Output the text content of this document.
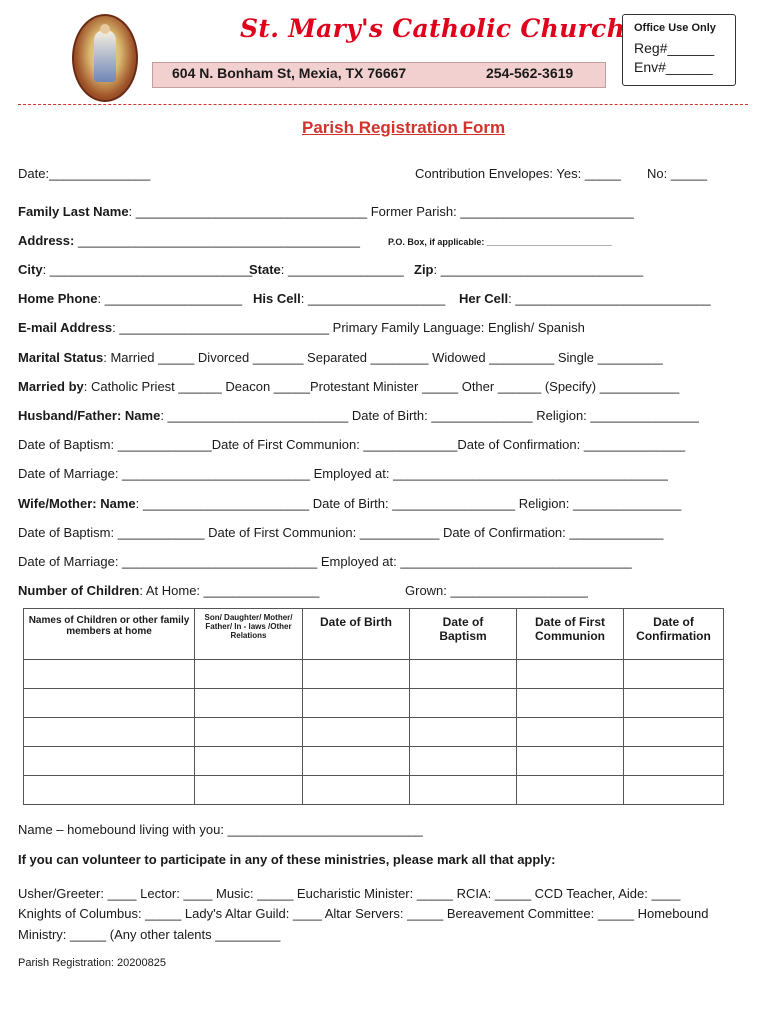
St. Mary's Catholic Church
604 N. Bonham St, Mexia, TX 76667	254-562-3619
Office Use Only
Reg#______
Env#______
Parish Registration Form
Date:______________	Contribution Envelopes: Yes: _____ No: _____
Family Last Name: ________________________________ Former Parish: ________________________
Address: _______________________________________	P.O. Box, if applicable: _________________________
City: ____________________________
State: ________________ Zip: ____________________________
Home Phone: ___________________ His Cell: ___________________ Her Cell: ___________________________
E-mail Address: _____________________________ Primary Family Language: English/ Spanish
Marital Status: Married _____ Divorced _______ Separated ________ Widowed _________ Single _________
Married by: Catholic Priest ______ Deacon _____Protestant Minister _____ Other ______ (Specify) ___________
Husband/Father: Name: _________________________ Date of Birth: ______________ Religion: _______________
Date of Baptism: _____________Date of First Communion: _____________Date of Confirmation: ______________
Date of Marriage: __________________________ Employed at: ______________________________________
Wife/Mother: Name: _______________________ Date of Birth: _________________ Religion: _______________
Date of Baptism: ____________ Date of First Communion: ___________ Date of Confirmation: _____________
Date of Marriage: ___________________________ Employed at: ________________________________
Number of Children: At Home: ________________	Grown: ___________________
Names of Children or other family members at home	Son/ Daughter/ Mother/ Father/ In - laws /Other Relations	Date of Birth	Date of Baptism	Date of First Communion	Date of Confirmation

Name – homebound living with you: ___________________________
If you can volunteer to participate in any of these ministries, please mark all that apply:
Usher/Greeter: ____ Lector: ____ Music: _____ Eucharistic Minister: _____ RCIA: _____ CCD Teacher, Aide: ____
Knights of Columbus: _____ Lady's Altar Guild: ____ Altar Servers: _____ Bereavement Committee: _____ Homebound
Ministry: _____ (Any other talents _________
Parish Registration: 20200825
